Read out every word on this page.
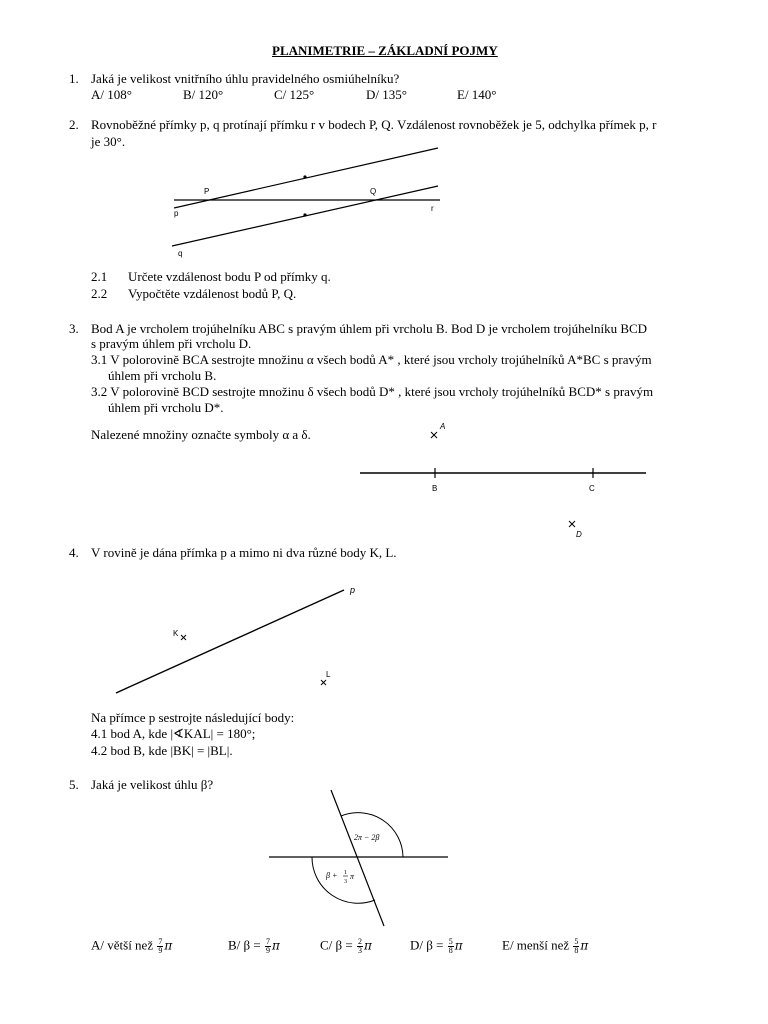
PLANIMETRIE – ZÁKLADNÍ POJMY
1. Jaká je velikost vnitřního úhlu pravidelného osmiúhelníku?
A/ 108°	B/ 120°	C/ 125°	D/ 135°	E/ 140°
2. Rovnoběžné přímky p, q protínají přímku r v bodech P, Q. Vzdálenost rovnoběžek je 5, odchylka přímek p, r
je 30°.
P	Q
p
q
r
2.1 Určete vzdálenost bodu P od přímky q.
2.2 Vypočtěte vzdálenost bodů P, Q.
3. Bod A je vrcholem trojúhelníku ABC s pravým úhlem při vrcholu B. Bod D je vrcholem trojúhelníku BCD
s pravým úhlem při vrcholu D.
3.1 V polorovině BCA sestrojte množinu α všech bodů A* , které jsou vrcholy trojúhelníků A*BC s pravým
úhlem při vrcholu B.
3.2 V polorovině BCD sestrojte množinu δ všech bodů D* , které jsou vrcholy trojúhelníků BCD* s pravým
úhlem při vrcholu D*.
Nalezené množiny označte symboly α a δ.
A
B	C
D
4. V rovině je dána přímka p a mimo ni dva různé body K, L.
p
K
L
Na přímce p sestrojte následující body:
4.1 bod A, kde |∢KAL| = 180°;
4.2 bod B, kde |BK| = |BL|.
5. Jaká je velikost úhlu β?
2π − 2β
β + 1
3
π
A/ větší než $\frac{7}{9}$ π	B/ $\beta = \frac{7}{9}$ π	C/ $\beta = \frac{2}{3}$ π	D/ $\beta = \frac{5}{8}$ π	E/ menší než $\frac{5}{8}$ π
